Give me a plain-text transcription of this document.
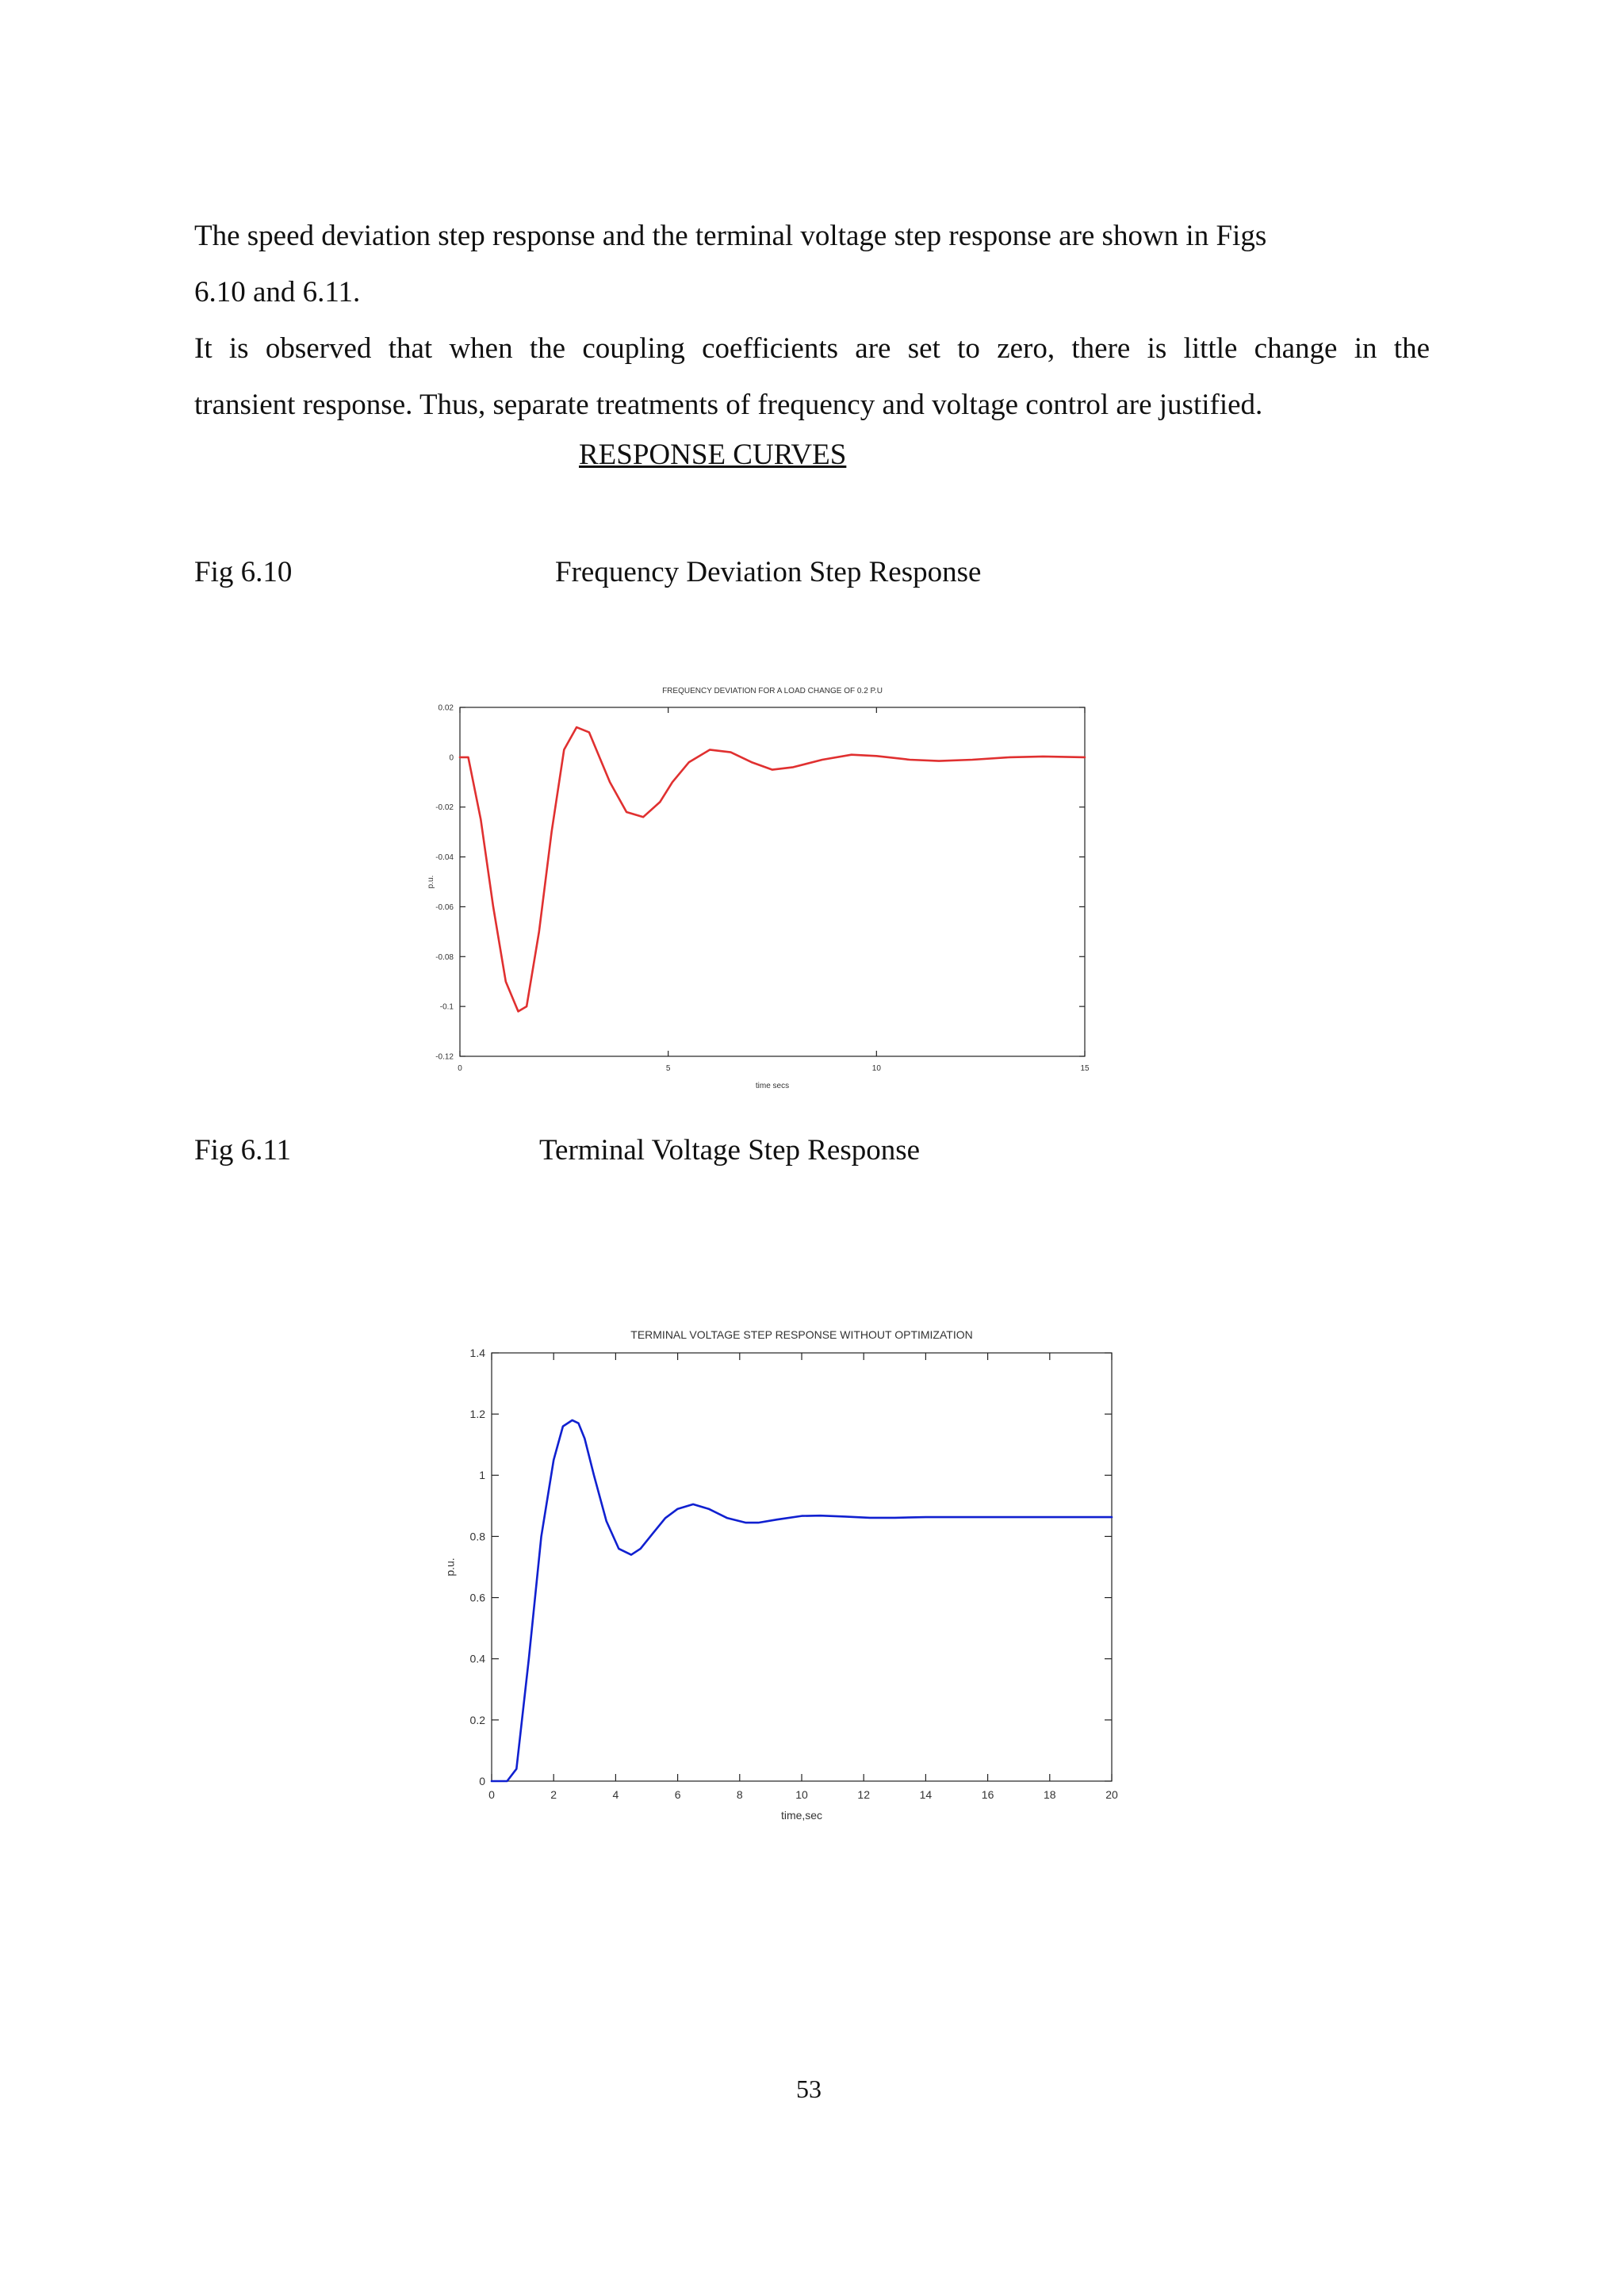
The speed deviation step response and the terminal voltage step response are shown in Figs

6.10 and 6.11.

It is observed that when the coupling coefficients are set to zero, there is little change in the

transient response. Thus, separate treatments of frequency and voltage control are justified.

RESPONSE CURVES
Fig 6.10	Frequency Deviation Step Response
FREQUENCY DEVIATION FOR A LOAD CHANGE OF 0.2 P.U
0	5	10	15
0.02
0
-0.02
-0.04
-0.06
-0.08
-0.1
-0.12
time secs
p.u.
Fig 6.11	Terminal Voltage Step Response
TERMINAL VOLTAGE STEP RESPONSE WITHOUT OPTIMIZATION
0	2	4	6	8	10	12	14	16	18	20
0
0.2
0.4
0.6
0.8
1
1.2
1.4
time,sec
p.u.
53
